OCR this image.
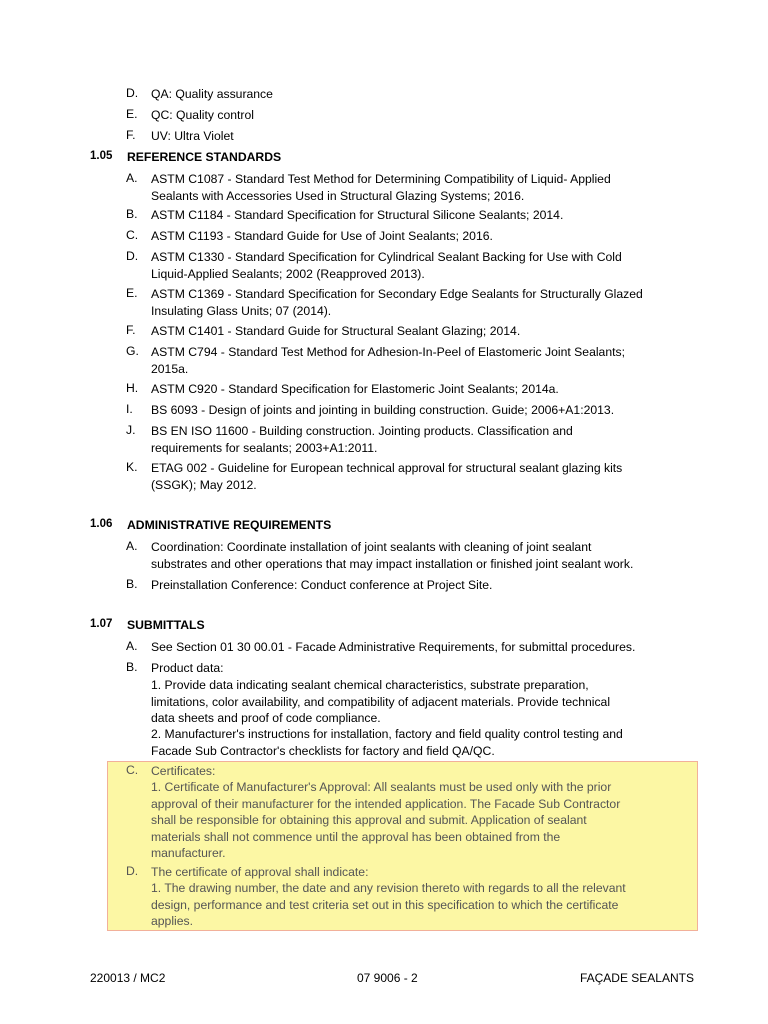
D. QA: Quality assurance
E. QC: Quality control
F. UV: Ultra Violet
1.05 REFERENCE STANDARDS
A. ASTM C1087 - Standard Test Method for Determining Compatibility of Liquid- Applied
Sealants with Accessories Used in Structural Glazing Systems; 2016.
B. ASTM C1184 - Standard Specification for Structural Silicone Sealants; 2014.
C. ASTM C1193 - Standard Guide for Use of Joint Sealants; 2016.
D. ASTM C1330 - Standard Specification for Cylindrical Sealant Backing for Use with Cold
Liquid-Applied Sealants; 2002 (Reapproved 2013).
E. ASTM C1369 - Standard Specification for Secondary Edge Sealants for Structurally Glazed
Insulating Glass Units; 07 (2014).
F. ASTM C1401 - Standard Guide for Structural Sealant Glazing; 2014.
G. ASTM C794 - Standard Test Method for Adhesion-In-Peel of Elastomeric Joint Sealants;
2015a.
H. ASTM C920 - Standard Specification for Elastomeric Joint Sealants; 2014a.
I. BS 6093 - Design of joints and jointing in building construction. Guide; 2006+A1:2013.
J. BS EN ISO 11600 - Building construction. Jointing products. Classification and
requirements for sealants; 2003+A1:2011.
K. ETAG 002 - Guideline for European technical approval for structural sealant glazing kits
(SSGK); May 2012.
1.06 ADMINISTRATIVE REQUIREMENTS
A. Coordination: Coordinate installation of joint sealants with cleaning of joint sealant
substrates and other operations that may impact installation or finished joint sealant work.
B. Preinstallation Conference: Conduct conference at Project Site.
1.07 SUBMITTALS
A. See Section 01 30 00.01 - Facade Administrative Requirements, for submittal procedures.
B. Product data:
1. Provide data indicating sealant chemical characteristics, substrate preparation,
limitations, color availability, and compatibility of adjacent materials. Provide technical
data sheets and proof of code compliance.
2. Manufacturer's instructions for installation, factory and field quality control testing and
Facade Sub Contractor's checklists for factory and field QA/QC.
C. Certificates:
1. Certificate of Manufacturer's Approval: All sealants must be used only with the prior
approval of their manufacturer for the intended application. The Facade Sub Contractor
shall be responsible for obtaining this approval and submit. Application of sealant
materials shall not commence until the approval has been obtained from the
manufacturer.
D. The certificate of approval shall indicate:
1. The drawing number, the date and any revision thereto with regards to all the relevant
design, performance and test criteria set out in this specification to which the certificate
applies.
220013 / MC2	07 9006 - 2	FAÇADE SEALANTS
